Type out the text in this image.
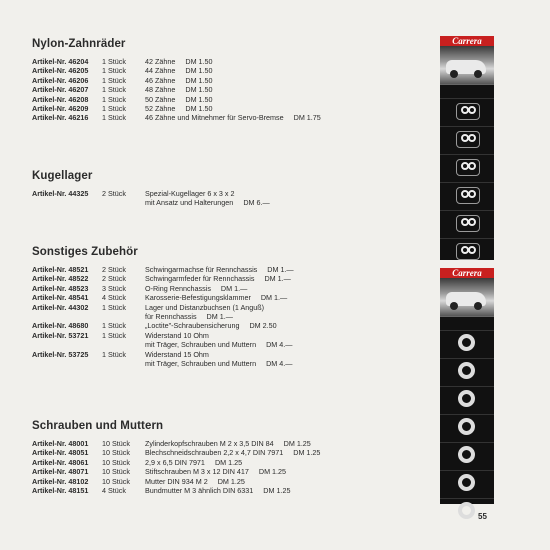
Nylon-Zahnräder
Artikel-Nr. 46204	1 Stück	42 Zähne DM 1.50
Artikel-Nr. 46205	1 Stück	44 Zähne DM 1.50
Artikel-Nr. 46206	1 Stück	46 Zähne DM 1.50
Artikel-Nr. 46207	1 Stück	48 Zähne DM 1.50
Artikel-Nr. 46208	1 Stück	50 Zähne DM 1.50
Artikel-Nr. 46209	1 Stück	52 Zähne DM 1.50
Artikel-Nr. 46216	1 Stück	46 Zähne und Mitnehmer für Servo-Bremse DM 1.75
Kugellager
Artikel-Nr. 44325	2 Stück	Spezial-Kugellager 6 x 3 x 2
mit Ansatz und Halterungen DM 6.—
Sonstiges Zubehör
Artikel-Nr. 48521	2 Stück	Schwingarmachse für Rennchassis DM 1.—
Artikel-Nr. 48522	2 Stück	Schwingarmfeder für Rennchassis DM 1.—
Artikel-Nr. 48523	3 Stück	O-Ring Rennchassis DM 1.—
Artikel-Nr. 48541	4 Stück	Karosserie-Befestigungsklammer DM 1.—
Artikel-Nr. 44302	1 Stück	Lager und Distanzbuchsen (1 Anguß)
für Rennchassis DM 1.—
Artikel-Nr. 48680	1 Stück	„Loctite"-Schraubensicherung DM 2.50
Artikel-Nr. 53721	1 Stück	Widerstand 10 Ohm
mit Träger, Schrauben und Muttern DM 4.—
Artikel-Nr. 53725	1 Stück	Widerstand 15 Ohm
mit Träger, Schrauben und Muttern DM 4.—
Schrauben und Muttern
Artikel-Nr. 48001	10 Stück	Zylinderkopfschrauben M 2 x 3,5 DIN 84 DM 1.25
Artikel-Nr. 48051	10 Stück	Blechschneidschrauben 2,2 x 4,7 DIN 7971 DM 1.25
Artikel-Nr. 48061	10 Stück	2,9 x 6,5 DIN 7971 DM 1.25
Artikel-Nr. 48071	10 Stück	Stiftschrauben M 3 x 12 DIN 417 DM 1.25
Artikel-Nr. 48102	10 Stück	Mutter DIN 934 M 2 DM 1.25
Artikel-Nr. 48151	4 Stück	Bundmutter M 3 ähnlich DIN 6331 DM 1.25
Carrera
Carrera
55
